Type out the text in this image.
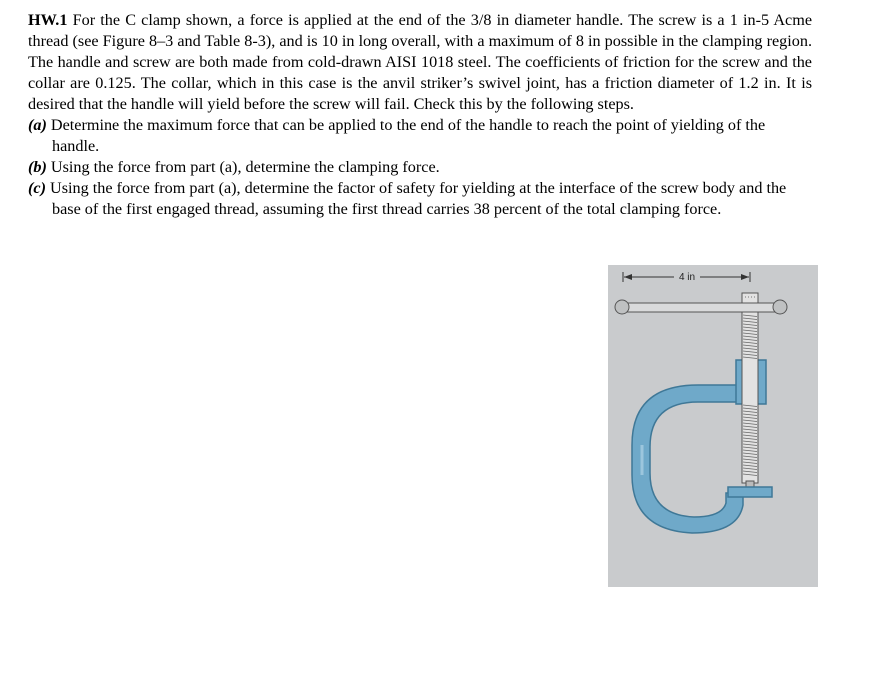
HW.1 For the C clamp shown, a force is applied at the end of the 3/8 in diameter handle. The screw is a 1 in-5 Acme thread (see Figure 8–3 and Table 8-3), and is 10 in long overall, with a maximum of 8 in possible in the clamping region. The handle and screw are both made from cold-drawn AISI 1018 steel. The coefficients of friction for the screw and the collar are 0.125. The collar, which in this case is the anvil striker’s swivel joint, has a friction diameter of 1.2 in. It is desired that the handle will yield before the screw will fail. Check this by the following steps.

(a) Determine the maximum force that can be applied to the end of the handle to reach the point of yielding of the handle.

(b) Using the force from part (a), determine the clamping force.

(c) Using the force from part (a), determine the factor of safety for yielding at the interface of the screw body and the base of the first engaged thread, assuming the first thread carries 38 percent of the total clamping force.

4 in
